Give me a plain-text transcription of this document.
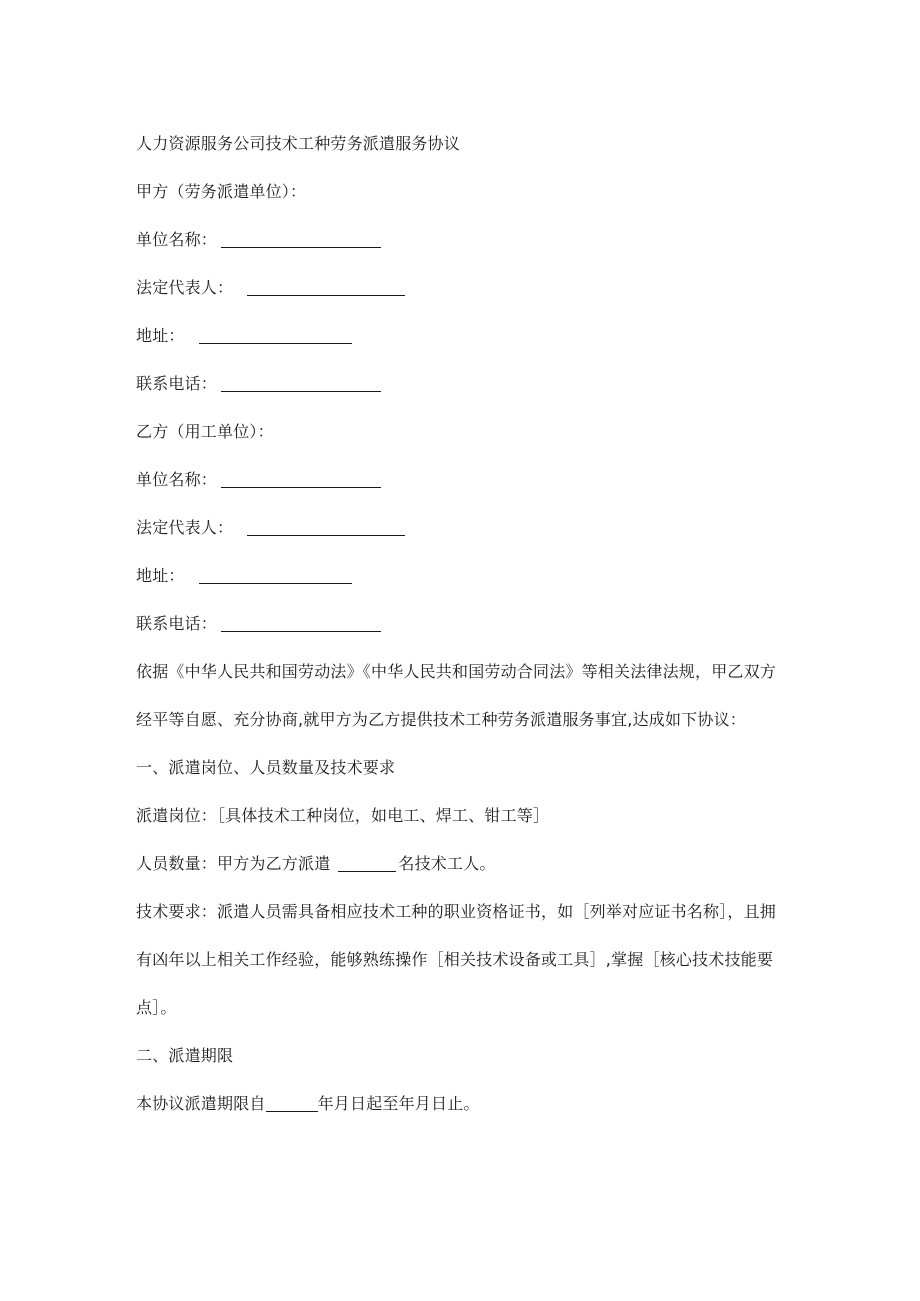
人力资源服务公司技术工种劳务派遣服务协议

甲方（劳务派遣单位）：

单位名称：

法定代表人：

地址：

联系电话：

乙方（用工单位）：

单位名称：

法定代表人：

地址：

联系电话：

依据《中华人民共和国劳动法》《中华人民共和国劳动合同法》等相关法律法规，甲乙双方经平等自愿、充分协商,就甲方为乙方提供技术工种劳务派遣服务事宜,达成如下协议：

一、派遣岗位、人员数量及技术要求

派遣岗位：［具体技术工种岗位，如电工、焊工、钳工等］

人员数量：甲方为乙方派遣	名技术工人。

技术要求：派遣人员需具备相应技术工种的职业资格证书，如［列举对应证书名称］，且拥有凶年以上相关工作经验，能够熟练操作［相关技术设备或工具］,掌握［核心技术技能要点］。

二、派遣期限

本协议派遣期限自	年月日起至年月日止。
